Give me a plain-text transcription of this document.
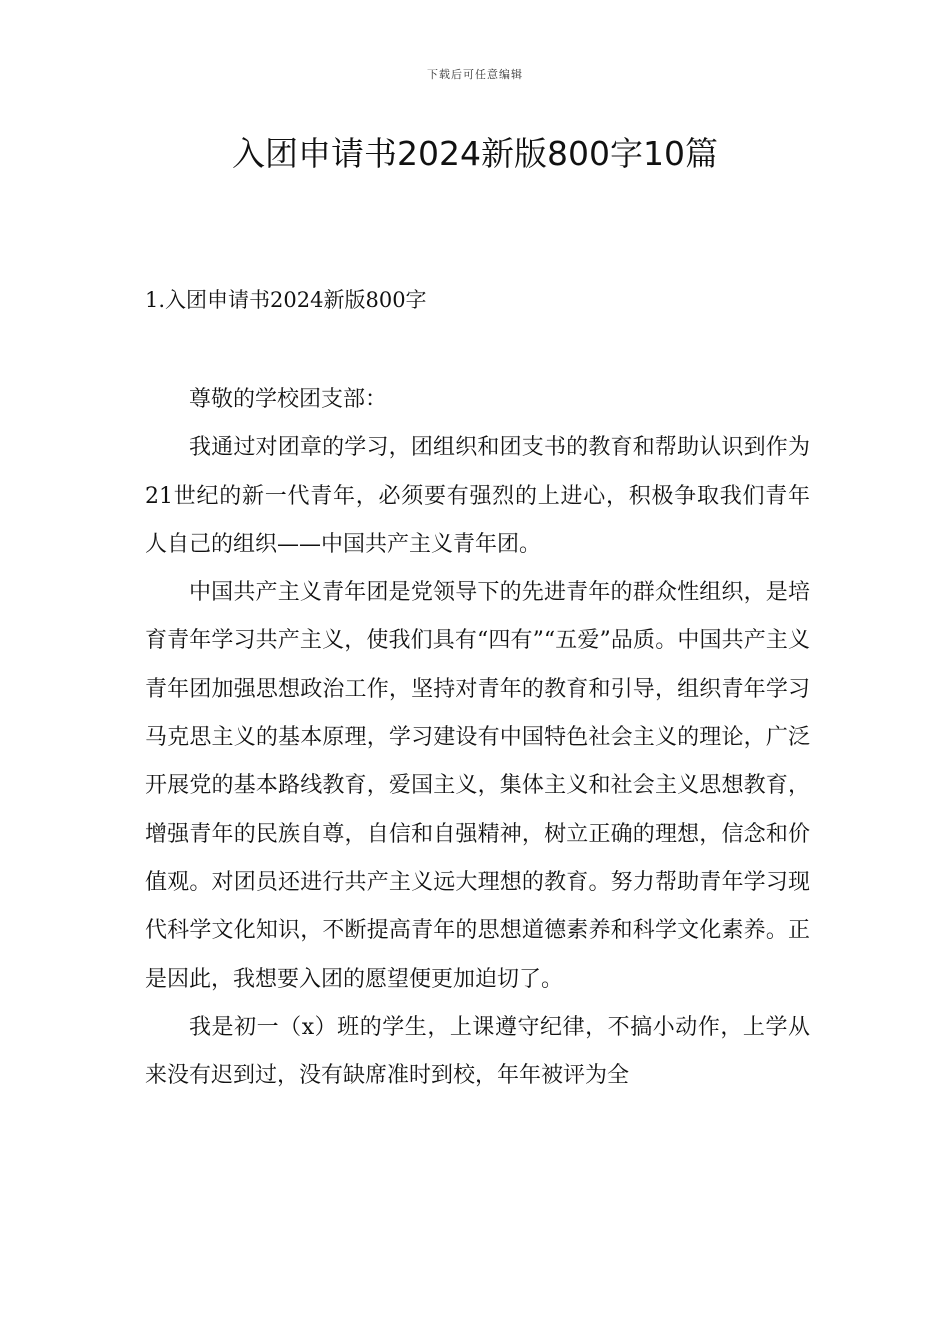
下载后可任意编辑
入团申请书2024新版800字10篇
1.入团申请书2024新版800字

尊敬的学校团支部：

我通过对团章的学习，团组织和团支书的教育和帮助认识到作为21世纪的新一代青年，必须要有强烈的上进心，积极争取我们青年人自己的组织——中国共产主义青年团。

中国共产主义青年团是党领导下的先进青年的群众性组织，是培育青年学习共产主义，使我们具有“四有”“五爱”品质。中国共产主义青年团加强思想政治工作，坚持对青年的教育和引导，组织青年学习马克思主义的基本原理，学习建设有中国特色社会主义的理论，广泛开展党的基本路线教育，爱国主义，集体主义和社会主义思想教育，增强青年的民族自尊，自信和自强精神，树立正确的理想，信念和价值观。对团员还进行共产主义远大理想的教育。努力帮助青年学习现代科学文化知识，不断提高青年的思想道德素养和科学文化素养。正是因此，我想要入团的愿望便更加迫切了。

我是初一（x）班的学生，上课遵守纪律，不搞小动作，上学从来没有迟到过，没有缺席准时到校，年年被评为全
